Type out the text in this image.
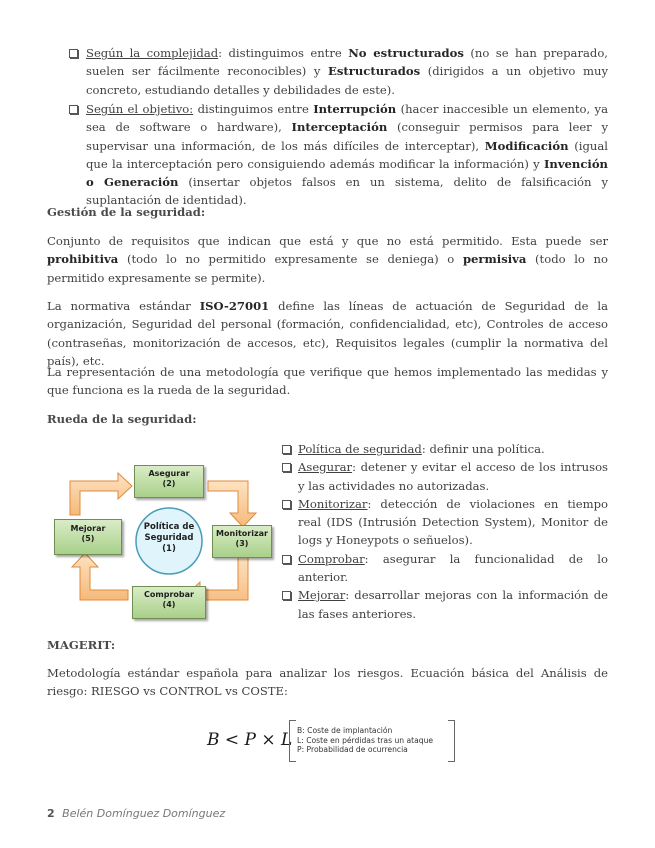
Según la complejidad: distinguimos entre No estructurados (no se han preparado, suelen ser fácilmente reconocibles) y Estructurados (dirigidos a un objetivo muy concreto, estudiando detalles y debilidades de este).
Según el objetivo: distinguimos entre Interrupción (hacer inaccesible un elemento, ya sea de software o hardware), Interceptación (conseguir permisos para leer y supervisar una información, de los más difíciles de interceptar), Modificación (igual que la interceptación pero consiguiendo además modificar la información) y Invención o Generación (insertar objetos falsos en un sistema, delito de falsificación y suplantación de identidad).
Gestión de la seguridad:
Conjunto de requisitos que indican que está y que no está permitido. Esta puede ser prohibitiva (todo lo no permitido expresamente se deniega) o permisiva (todo lo no permitido expresamente se permite).
La normativa estándar ISO-27001 define las líneas de actuación de Seguridad de la organización, Seguridad del personal (formación, confidencialidad, etc), Controles de acceso (contraseñas, monitorización de accesos, etc), Requisitos legales (cumplir la normativa del país), etc.
La representación de una metodología que verifique que hemos implementado las medidas y que funciona es la rueda de la seguridad.
Rueda de la seguridad:
Política de
Seguridad
(1)
Asegurar
(2)
Monitorizar
(3)
Comprobar
(4)
Mejorar
(5)
Política de seguridad: definir una política.
Asegurar: detener y evitar el acceso de los intrusos y las actividades no autorizadas.
Monitorizar: detección de violaciones en tiempo real (IDS (Intrusión Detection System), Monitor de logs y Honeypots o señuelos).
Comprobar: asegurar la funcionalidad de lo anterior.
Mejorar: desarrollar mejoras con la información de las fases anteriores.
MAGERIT:
Metodología estándar española para analizar los riesgos. Ecuación básica del Análisis de riesgo: RIESGO vs CONTROL vs COSTE:
B < P × L B: Coste de implantación
L: Coste en pérdidas tras un ataque
P: Probabilidad de ocurrencia
2 Belén Domínguez Domínguez
